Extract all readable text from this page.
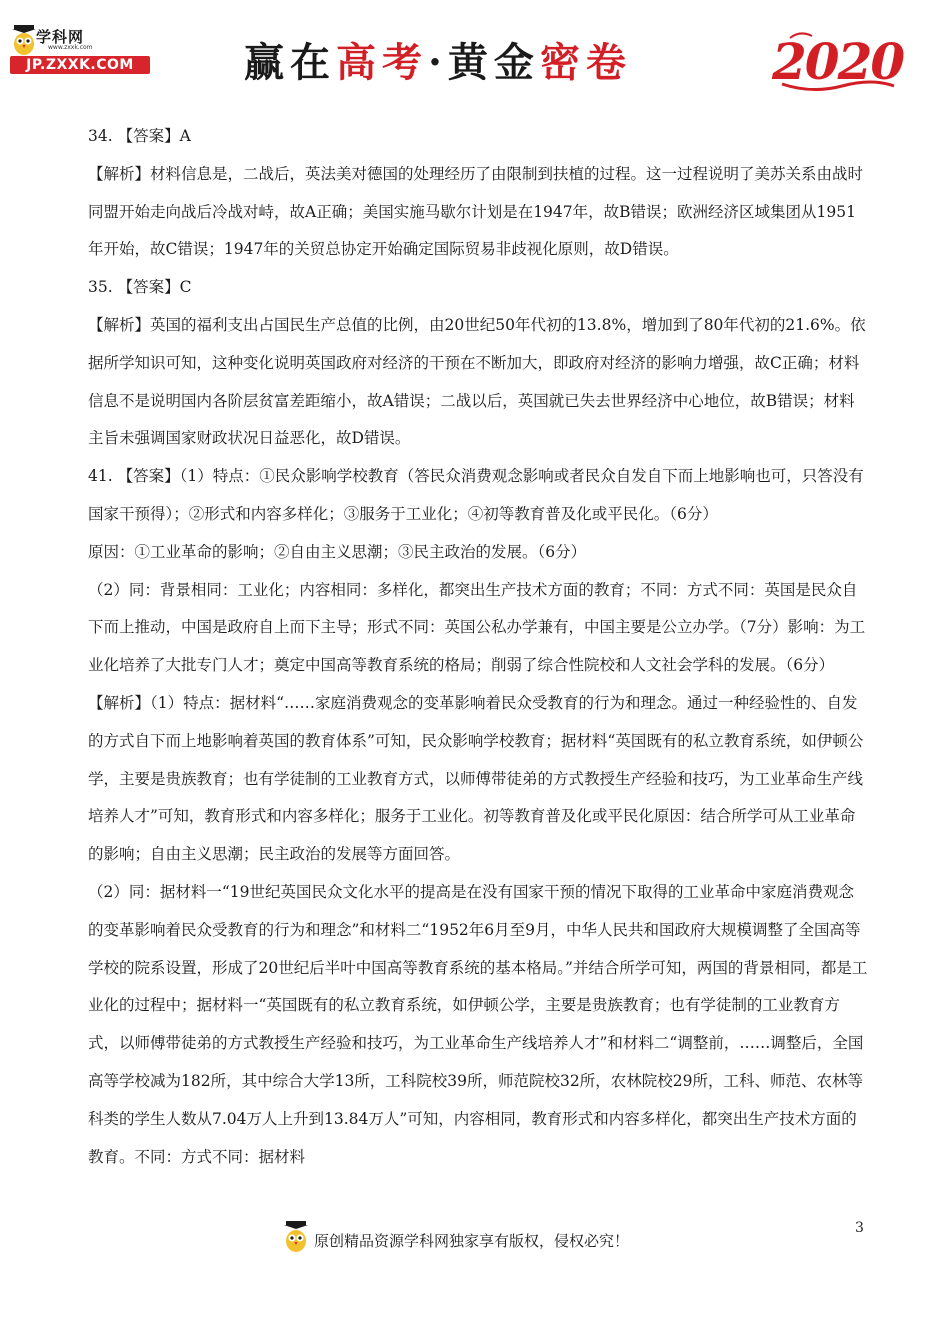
学科网
www.zxxk.com
JP.ZXXK.COM	赢在高考·黄金密卷	2020

34. 【答案】A

【解析】材料信息是，二战后，英法美对德国的处理经历了由限制到扶植的过程。这一过程说明了美苏关系由战时同盟开始走向战后冷战对峙，故A正确；美国实施马歇尔计划是在1947年，故B错误；欧洲经济区域集团从1951年开始，故C错误；1947年的关贸总协定开始确定国际贸易非歧视化原则，故D错误。

35. 【答案】C

【解析】英国的福利支出占国民生产总值的比例，由20世纪50年代初的13.8%，增加到了80年代初的21.6%。依据所学知识可知，这种变化说明英国政府对经济的干预在不断加大，即政府对经济的影响力增强，故C正确；材料信息不是说明国内各阶层贫富差距缩小，故A错误；二战以后，英国就已失去世界经济中心地位，故B错误；材料主旨未强调国家财政状况日益恶化，故D错误。

41. 【答案】（1）特点：①民众影响学校教育（答民众消费观念影响或者民众自发自下而上地影响也可，只答没有国家干预得）；②形式和内容多样化；③服务于工业化；④初等教育普及化或平民化。（6分）

原因：①工业革命的影响；②自由主义思潮；③民主政治的发展。（6分）

（2）同：背景相同：工业化；内容相同：多样化，都突出生产技术方面的教育；不同：方式不同：英国是民众自下而上推动，中国是政府自上而下主导；形式不同：英国公私办学兼有，中国主要是公立办学。（7分）影响：为工业化培养了大批专门人才；奠定中国高等教育系统的格局；削弱了综合性院校和人文社会学科的发展。（6分）

【解析】（1）特点：据材料“……家庭消费观念的变革影响着民众受教育的行为和理念。通过一种经验性的、自发的方式自下而上地影响着英国的教育体系”可知，民众影响学校教育；据材料“英国既有的私立教育系统，如伊顿公学，主要是贵族教育；也有学徒制的工业教育方式，以师傅带徒弟的方式教授生产经验和技巧，为工业革命生产线培养人才”可知，教育形式和内容多样化；服务于工业化。初等教育普及化或平民化原因：结合所学可从工业革命的影响；自由主义思潮；民主政治的发展等方面回答。

（2）同：据材料一“19世纪英国民众文化水平的提高是在没有国家干预的情况下取得的工业革命中家庭消费观念的变革影响着民众受教育的行为和理念”和材料二“1952年6月至9月，中华人民共和国政府大规模调整了全国高等学校的院系设置，形成了20世纪后半叶中国高等教育系统的基本格局。”并结合所学可知，两国的背景相同，都是工业化的过程中；据材料一“英国既有的私立教育系统，如伊顿公学，主要是贵族教育；也有学徒制的工业教育方式，以师傅带徒弟的方式教授生产经验和技巧，为工业革命生产线培养人才”和材料二“调整前，……调整后，全国高等学校减为182所，其中综合大学13所，工科院校39所，师范院校32所，农林院校29所，工科、师范、农林等科类的学生人数从7.04万人上升到13.84万人”可知，内容相同，教育形式和内容多样化，都突出生产技术方面的教育。不同：方式不同：据材料

3
原创精品资源学科网独家享有版权，侵权必究！
